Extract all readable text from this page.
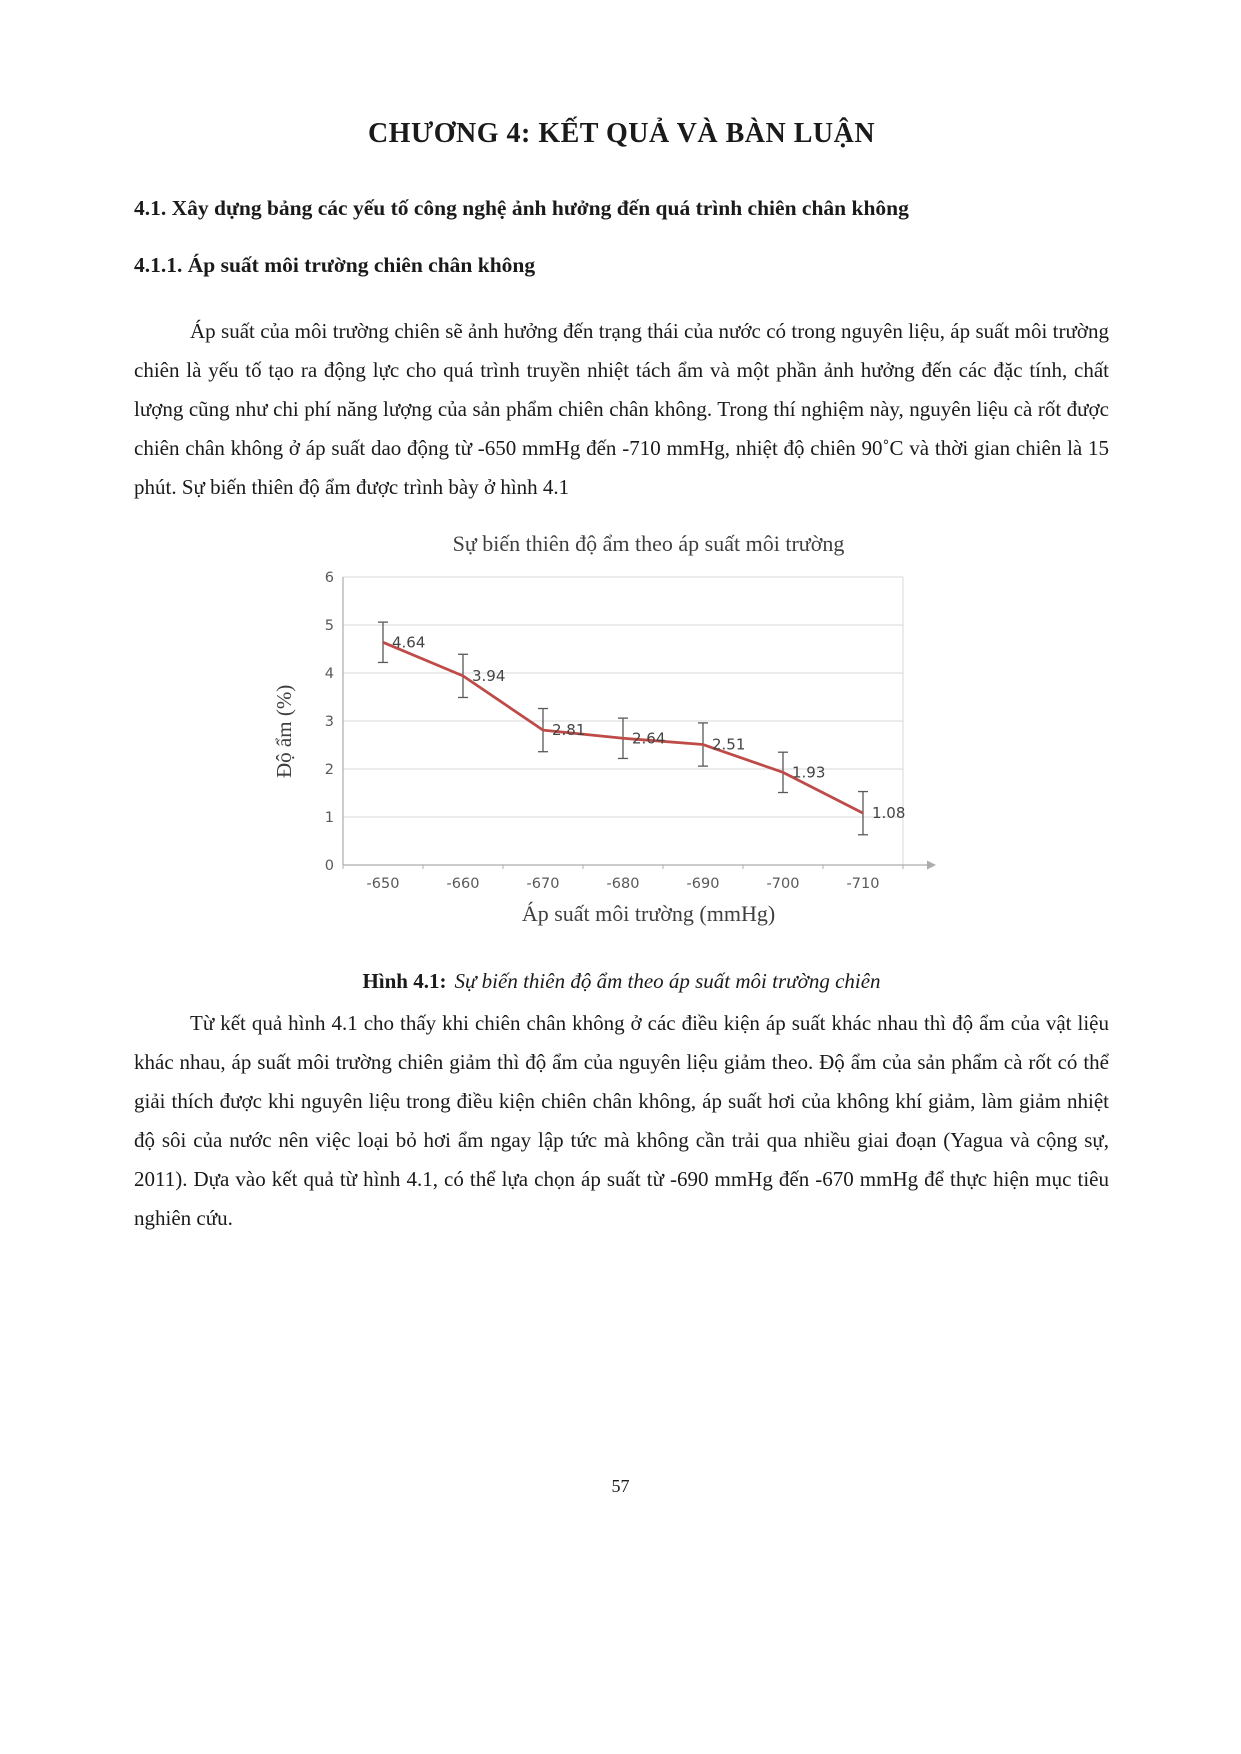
CHƯƠNG 4: KẾT QUẢ VÀ BÀN LUẬN
4.1. Xây dựng bảng các yếu tố công nghệ ảnh hưởng đến quá trình chiên chân không
4.1.1. Áp suất môi trường chiên chân không

Áp suất của môi trường chiên sẽ ảnh hưởng đến trạng thái của nước có trong nguyên liệu, áp suất môi trường chiên là yếu tố tạo ra động lực cho quá trình truyền nhiệt tách ẩm và một phần ảnh hưởng đến các đặc tính, chất lượng cũng như chi phí năng lượng của sản phẩm chiên chân không. Trong thí nghiệm này, nguyên liệu cà rốt được chiên chân không ở áp suất dao động từ -650 mmHg đến -710 mmHg, nhiệt độ chiên 90˚C và thời gian chiên là 15 phút. Sự biến thiên độ ẩm được trình bày ở hình 4.1

Sự biến thiên độ ẩm theo áp suất môi trường
Độ ẩm (%)
0
1
2
3
4
5
6
-650	-660	-670	-680	-690	-700	-710
4.64
3.94
2.81	2.64	2.51
1.93
1.08
Áp suất môi trường (mmHg)
Hình 4.1: Sự biến thiên độ ẩm theo áp suất môi trường chiên

Từ kết quả hình 4.1 cho thấy khi chiên chân không ở các điều kiện áp suất khác nhau thì độ ẩm của vật liệu khác nhau, áp suất môi trường chiên giảm thì độ ẩm của nguyên liệu giảm theo. Độ ẩm của sản phẩm cà rốt có thể giải thích được khi nguyên liệu trong điều kiện chiên chân không, áp suất hơi của không khí giảm, làm giảm nhiệt độ sôi của nước nên việc loại bỏ hơi ẩm ngay lập tức mà không cần trải qua nhiều giai đoạn (Yagua và cộng sự, 2011). Dựa vào kết quả từ hình 4.1, có thể lựa chọn áp suất từ -690 mmHg đến -670 mmHg để thực hiện mục tiêu nghiên cứu.

57
